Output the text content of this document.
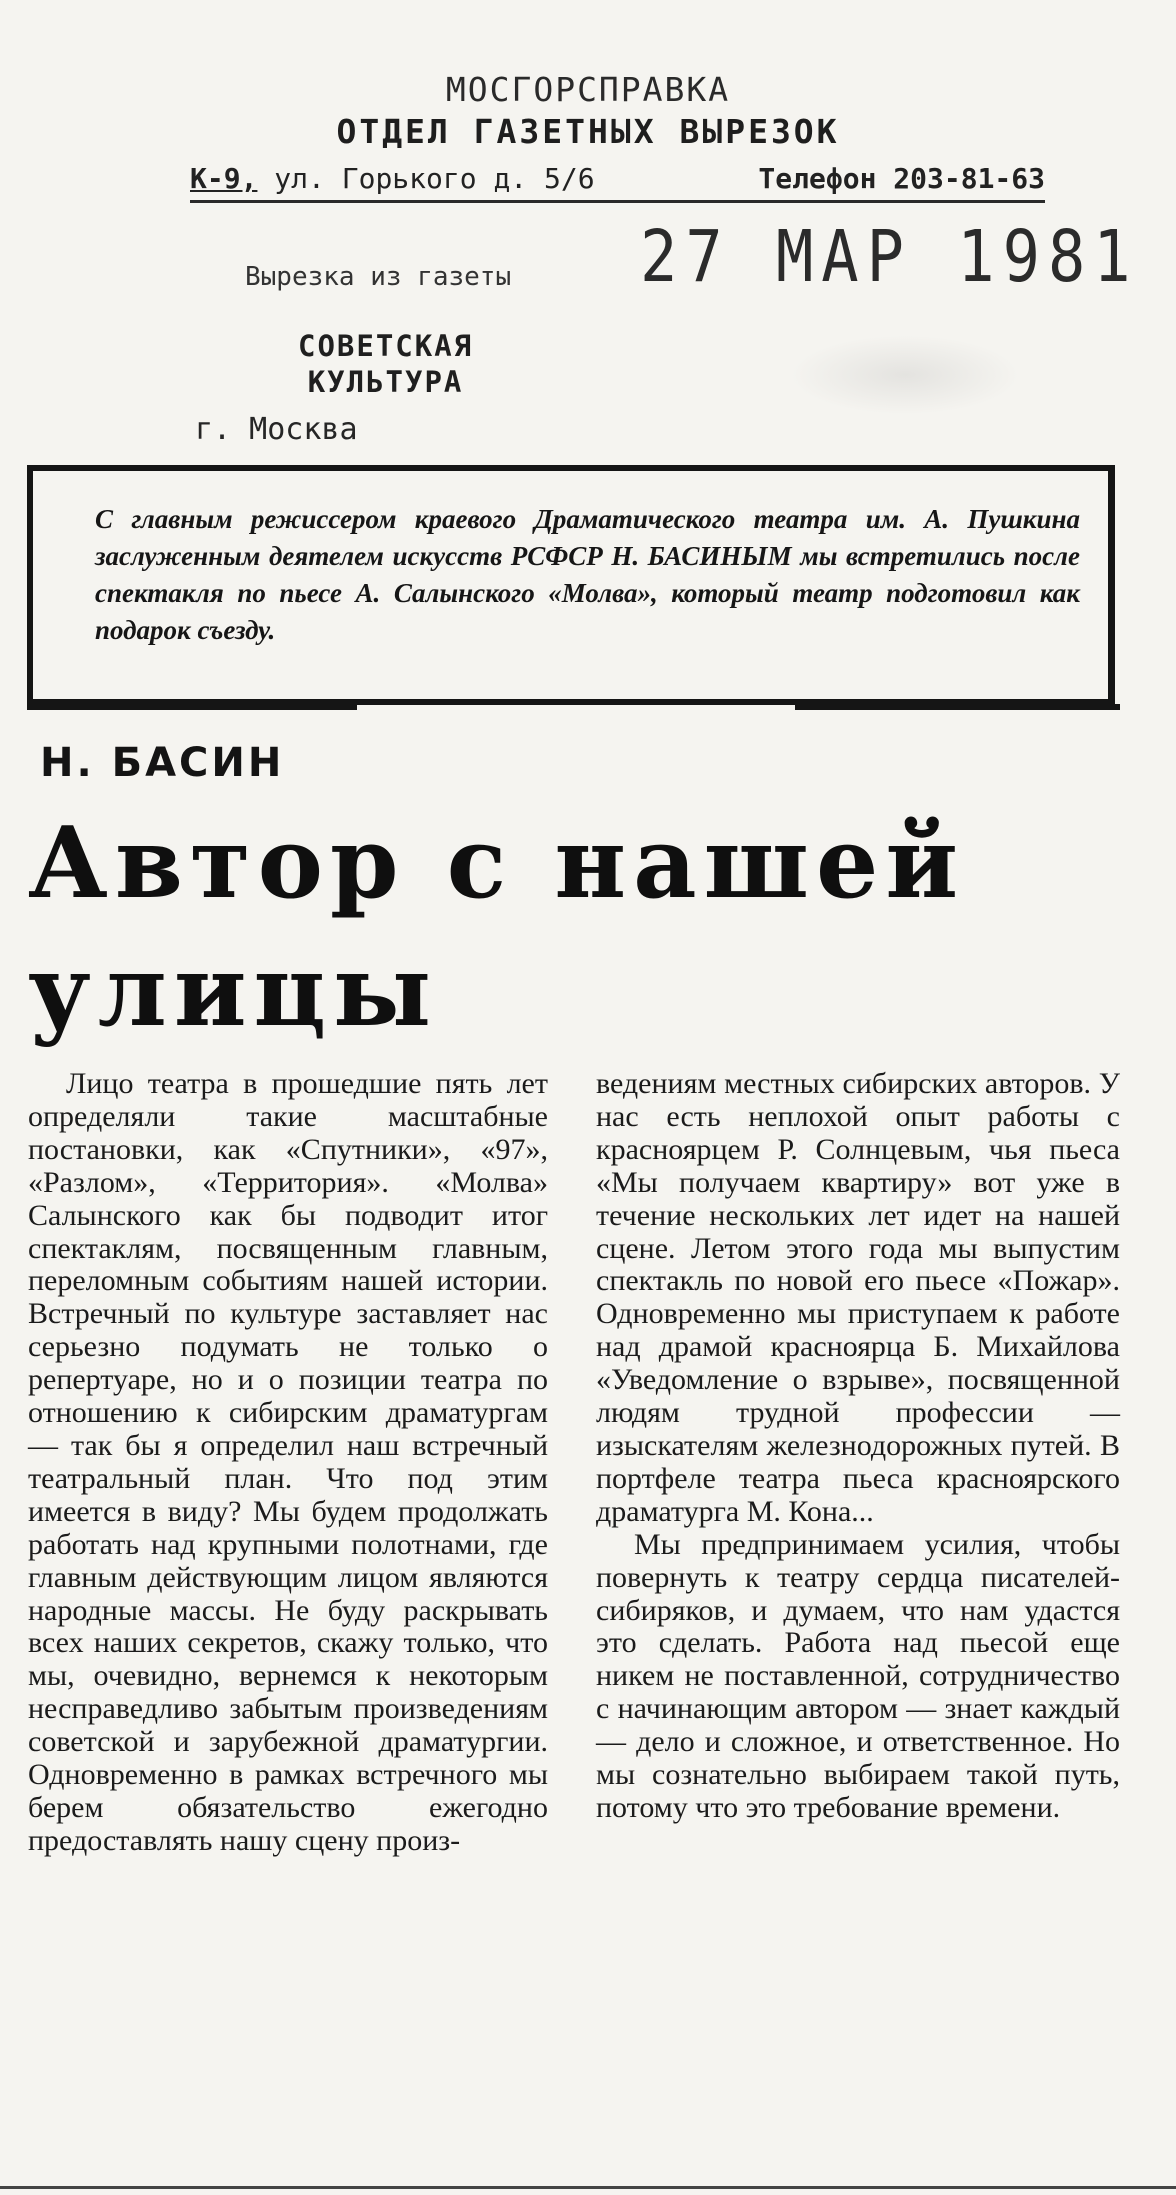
МОСГОРСПРАВКА
ОТДЕЛ ГАЗЕТНЫХ ВЫРЕЗОК
К-9, ул. Горького д. 5/6	Телефон 203-81-63
Вырезка из газеты 27 МАР 1981
СОВЕТСКАЯ
КУЛЬТУРА
г. Москва
С главным режиссером краевого Драматического театра им. А. Пушкина заслуженным деятелем искусств РСФСР Н. БАСИНЫМ мы встретились после спектакля по пьесе А. Салынского «Молва», который театр подготовил как подарок съезду.
Н. БАСИН
Автор с нашей
улицы

Лицо театра в прошедшие пять лет определяли такие масштабные постановки, как «Спутники», «97», «Разлом», «Территория». «Молва» Салынского как бы подводит итог спектаклям, посвященным главным, переломным событиям нашей истории. Встречный по культуре заставляет нас серьезно подумать не только о репертуаре, но и о позиции театра по отношению к сибирским драматургам — так бы я определил наш встречный театральный план. Что под этим имеется в виду? Мы будем продолжать работать над крупными полотнами, где главным действующим лицом являются народные массы. Не буду раскрывать всех наших секретов, скажу только, что мы, очевидно, вернемся к некоторым несправедливо забытым произведениям советской и зарубежной драматургии. Одновременно в рамках встречного мы берем обязательство ежегодно предоставлять нашу сцену произ-

ведениям местных сибирских авторов. У нас есть неплохой опыт работы с красноярцем Р. Солнцевым, чья пьеса «Мы получаем квартиру» вот уже в течение нескольких лет идет на нашей сцене. Летом этого года мы выпустим спектакль по новой его пьесе «Пожар». Одновременно мы приступаем к работе над драмой красноярца Б. Михайлова «Уведомление о взрыве», посвященной людям трудной профессии — изыскателям железнодорожных путей. В портфеле театра пьеса красноярского драматурга М. Кона...

Мы предпринимаем усилия, чтобы повернуть к театру сердца писателей-сибиряков, и думаем, что нам удастся это сделать. Работа над пьесой еще никем не поставленной, сотрудничество с начинающим автором — знает каждый — дело и сложное, и ответственное. Но мы сознательно выбираем такой путь, потому что это требование времени.
